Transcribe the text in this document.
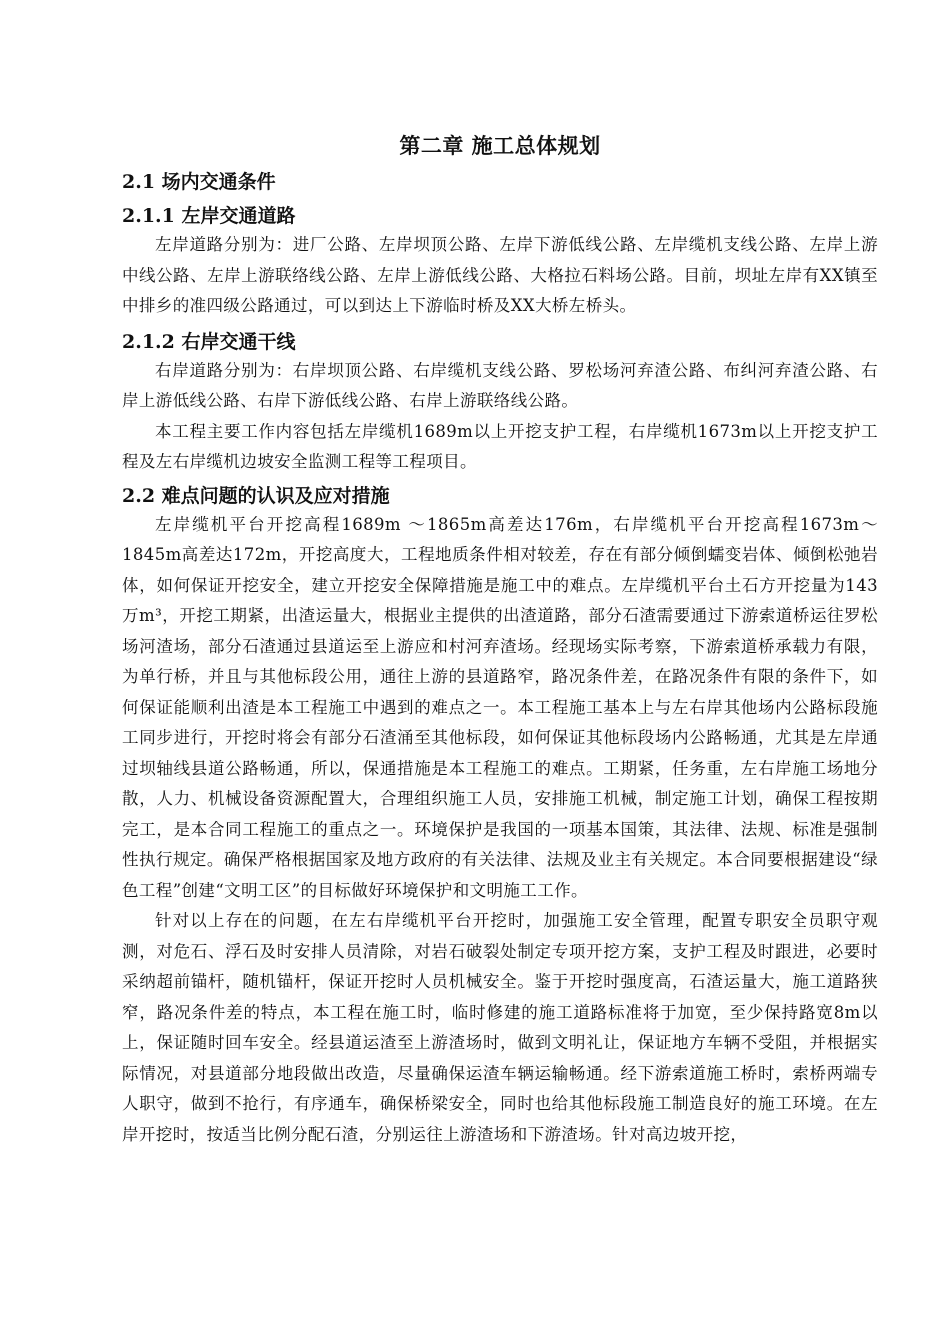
第二章 施工总体规划
2.1 场内交通条件
2.1.1 左岸交通道路

左岸道路分别为：进厂公路、左岸坝顶公路、左岸下游低线公路、左岸缆机支线公路、左岸上游中线公路、左岸上游联络线公路、左岸上游低线公路、大格拉石料场公路。目前，坝址左岸有XX镇至中排乡的准四级公路通过，可以到达上下游临时桥及XX大桥左桥头。

2.1.2 右岸交通干线

右岸道路分别为：右岸坝顶公路、右岸缆机支线公路、罗松场河弃渣公路、布纠河弃渣公路、右岸上游低线公路、右岸下游低线公路、右岸上游联络线公路。

本工程主要工作内容包括左岸缆机1689m以上开挖支护工程，右岸缆机1673m以上开挖支护工程及左右岸缆机边坡安全监测工程等工程项目。

2.2 难点问题的认识及应对措施

左岸缆机平台开挖高程1689m ～1865m高差达176m，右岸缆机平台开挖高程1673m～1845m高差达172m，开挖高度大，工程地质条件相对较差，存在有部分倾倒蠕变岩体、倾倒松弛岩体，如何保证开挖安全，建立开挖安全保障措施是施工中的难点。左岸缆机平台土石方开挖量为143万m³，开挖工期紧，出渣运量大，根据业主提供的出渣道路，部分石渣需要通过下游索道桥运往罗松场河渣场，部分石渣通过县道运至上游应和村河弃渣场。经现场实际考察，下游索道桥承载力有限，为单行桥，并且与其他标段公用，通往上游的县道路窄，路况条件差，在路况条件有限的条件下，如何保证能顺利出渣是本工程施工中遇到的难点之一。本工程施工基本上与左右岸其他场内公路标段施工同步进行，开挖时将会有部分石渣涌至其他标段，如何保证其他标段场内公路畅通，尤其是左岸通过坝轴线县道公路畅通，所以，保通措施是本工程施工的难点。工期紧，任务重，左右岸施工场地分散，人力、机械设备资源配置大，合理组织施工人员，安排施工机械，制定施工计划，确保工程按期完工，是本合同工程施工的重点之一。环境保护是我国的一项基本国策，其法律、法规、标准是强制性执行规定。确保严格根据国家及地方政府的有关法律、法规及业主有关规定。本合同要根据建设“绿色工程”创建“文明工区”的目标做好环境保护和文明施工工作。

针对以上存在的问题，在左右岸缆机平台开挖时，加强施工安全管理，配置专职安全员职守观测，对危石、浮石及时安排人员清除，对岩石破裂处制定专项开挖方案，支护工程及时跟进，必要时采纳超前锚杆，随机锚杆，保证开挖时人员机械安全。鉴于开挖时强度高，石渣运量大，施工道路狭窄，路况条件差的特点，本工程在施工时，临时修建的施工道路标准将于加宽，至少保持路宽8m以上，保证随时回车安全。经县道运渣至上游渣场时，做到文明礼让，保证地方车辆不受阻，并根据实际情况，对县道部分地段做出改造，尽量确保运渣车辆运输畅通。经下游索道施工桥时，索桥两端专人职守，做到不抢行，有序通车，确保桥梁安全，同时也给其他标段施工制造良好的施工环境。在左岸开挖时，按适当比例分配石渣，分别运往上游渣场和下游渣场。针对高边坡开挖，
